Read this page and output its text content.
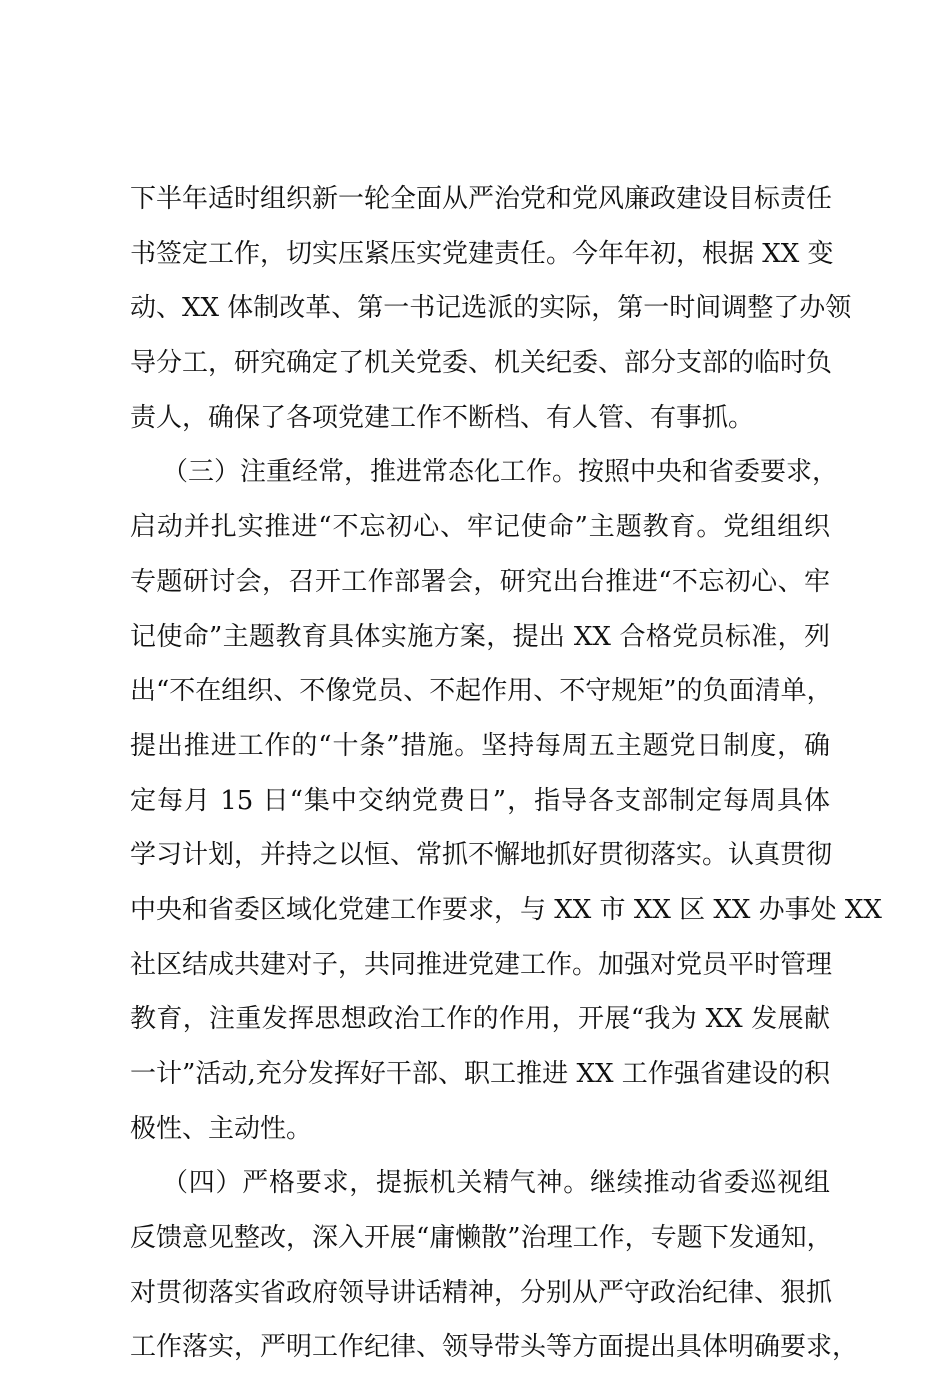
下半年适时组织新一轮全面从严治党和党风廉政建设目标责任
书签定工作，切实压紧压实党建责任。今年年初，根据 XX 变
动、XX 体制改革、第一书记选派的实际，第一时间调整了办领
导分工，研究确定了机关党委、机关纪委、部分支部的临时负
责人，确保了各项党建工作不断档、有人管、有事抓。
（三）注重经常，推进常态化工作。按照中央和省委要求，
启动并扎实推进“不忘初心、牢记使命”主题教育。党组组织
专题研讨会，召开工作部署会，研究出台推进“不忘初心、牢
记使命”主题教育具体实施方案，提出 XX 合格党员标准，列
出“不在组织、不像党员、不起作用、不守规矩”的负面清单，
提出推进工作的“十条”措施。坚持每周五主题党日制度，确
定每月 15 日“集中交纳党费日”，指导各支部制定每周具体
学习计划，并持之以恒、常抓不懈地抓好贯彻落实。认真贯彻
中央和省委区域化党建工作要求，与 XX 市 XX 区 XX 办事处 XX
社区结成共建对子，共同推进党建工作。加强对党员平时管理
教育，注重发挥思想政治工作的作用，开展“我为 XX 发展献
一计”活动,充分发挥好干部、职工推进 XX 工作强省建设的积
极性、主动性。
（四）严格要求，提振机关精气神。继续推动省委巡视组
反馈意见整改，深入开展“庸懒散”治理工作，专题下发通知，
对贯彻落实省政府领导讲话精神，分别从严守政治纪律、狠抓
工作落实，严明工作纪律、领导带头等方面提出具体明确要求，
